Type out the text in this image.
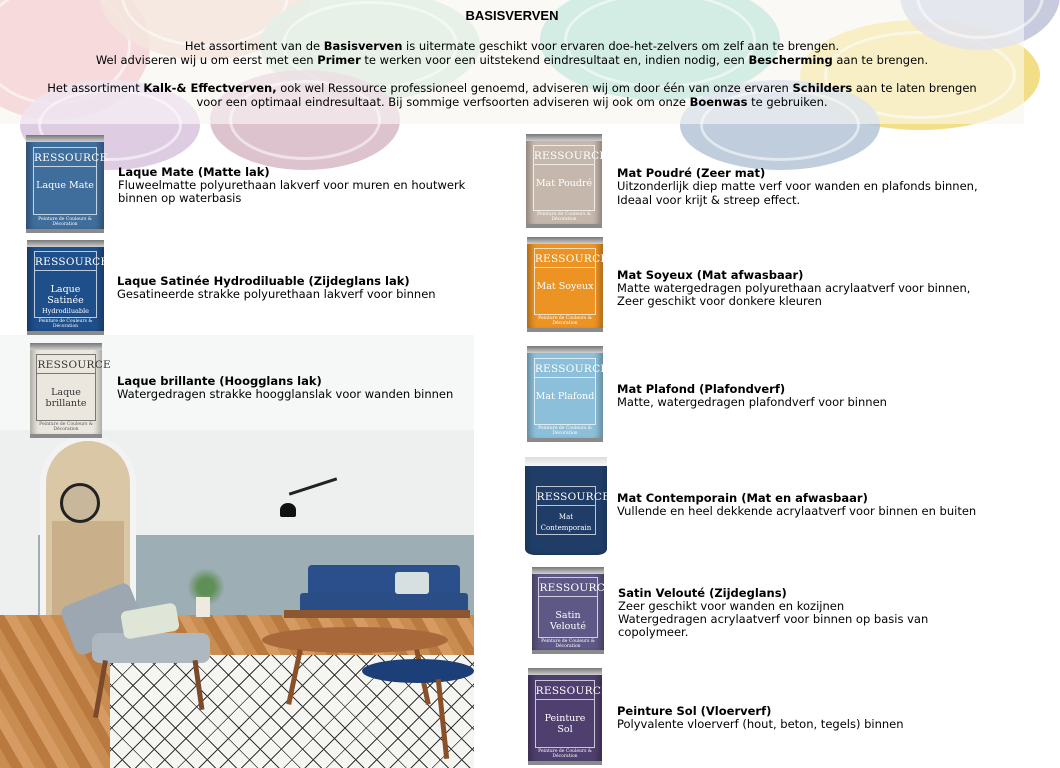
BASISVERVEN
Het assortiment van de Basisverven is uitermate geschikt voor ervaren doe-het-zelvers om zelf aan te brengen.
Wel adviseren wij u om eerst met een Primer te werken voor een uitstekend eindresultaat en, indien nodig, een Bescherming aan te brengen.
Het assortiment Kalk-& Effectverven, ook wel Ressource professioneel genoemd, adviseren wij om door één van onze ervaren Schilders aan te laten brengen
voor een optimaal eindresultaat. Bij sommige verfsoorten adviseren wij ook om onze Boenwas te gebruiken.
RESSOURCE
Laque Mate
Peinture de Couleurs & Décoration
Laque Mate (Matte lak)
Fluweelmatte polyurethaan lakverf voor muren en houtwerk
binnen op waterbasis
RESSOURCE
Laque Satinée
Hydrodiluable
Peinture de Couleurs & Décoration
Laque Satinée Hydrodiluable (Zijdeglans lak)
Gesatineerde strakke polyurethaan lakverf voor binnen
RESSOURCE
Laque brillante
Peinture de Couleurs & Décoration
Laque brillante (Hoogglans lak)
Watergedragen strakke hoogglanslak voor wanden binnen
RESSOURCE
Mat Poudré
Peinture de Couleurs & Décoration
Mat Poudré (Zeer mat)
Uitzonderlijk diep matte verf voor wanden en plafonds binnen,
Ideaal voor krijt & streep effect.
RESSOURCE
Mat Soyeux
Peinture de Couleurs & Décoration
Mat Soyeux (Mat afwasbaar)
Matte watergedragen polyurethaan acrylaatverf voor binnen,
Zeer geschikt voor donkere kleuren
RESSOURCE
Mat Plafond
Peinture de Couleurs & Décoration
Mat Plafond (Plafondverf)
Matte, watergedragen plafondverf voor binnen
RESSOURCE
Mat Contemporain
Mat Contemporain (Mat en afwasbaar)
Vullende en heel dekkende acrylaatverf voor binnen en buiten
RESSOURCE
Satin Velouté
Peinture de Couleurs & Décoration
Satin Velouté (Zijdeglans)
Zeer geschikt voor wanden en kozijnen
Watergedragen acrylaatverf voor binnen op basis van
copolymeer.
RESSOURCE
Peinture Sol
Peinture de Couleurs & Décoration
Peinture Sol (Vloerverf)
Polyvalente vloerverf (hout, beton, tegels) binnen
